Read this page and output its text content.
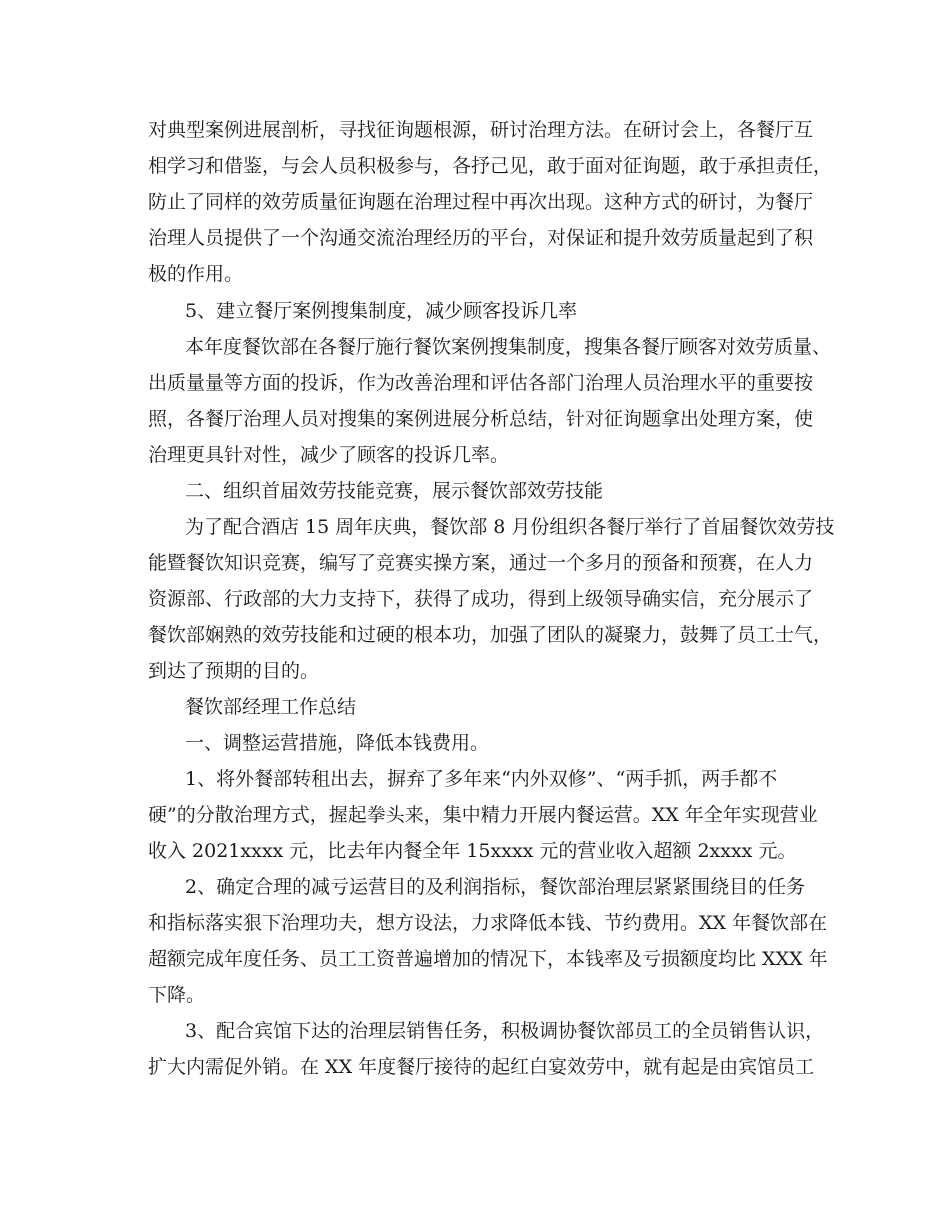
对典型案例进展剖析，寻找征询题根源，研讨治理方法。在研讨会上，各餐厅互

相学习和借鉴，与会人员积极参与，各抒己见，敢于面对征询题，敢于承担责任，

防止了同样的效劳质量征询题在治理过程中再次出现。这种方式的研讨，为餐厅

治理人员提供了一个沟通交流治理经历的平台，对保证和提升效劳质量起到了积

极的作用。

5、建立餐厅案例搜集制度，减少顾客投诉几率

本年度餐饮部在各餐厅施行餐饮案例搜集制度，搜集各餐厅顾客对效劳质量、

出质量量等方面的投诉，作为改善治理和评估各部门治理人员治理水平的重要按

照，各餐厅治理人员对搜集的案例进展分析总结，针对征询题拿出处理方案，使

治理更具针对性，减少了顾客的投诉几率。

二、组织首届效劳技能竞赛，展示餐饮部效劳技能

为了配合酒店 15 周年庆典，餐饮部 8 月份组织各餐厅举行了首届餐饮效劳技

能暨餐饮知识竞赛，编写了竞赛实操方案，通过一个多月的预备和预赛，在人力

资源部、行政部的大力支持下，获得了成功，得到上级领导确实信，充分展示了

餐饮部娴熟的效劳技能和过硬的根本功，加强了团队的凝聚力，鼓舞了员工士气，

到达了预期的目的。

餐饮部经理工作总结

一、调整运营措施，降低本钱费用。

1、将外餐部转租出去，摒弃了多年来“内外双修”、“两手抓，两手都不

硬”的分散治理方式，握起拳头来，集中精力开展内餐运营。XX 年全年实现营业

收入 2021xxxx 元，比去年内餐全年 15xxxx 元的营业收入超额 2xxxx 元。

2、确定合理的减亏运营目的及利润指标，餐饮部治理层紧紧围绕目的任务

和指标落实狠下治理功夫，想方设法，力求降低本钱、节约费用。XX 年餐饮部在

超额完成年度任务、员工工资普遍增加的情况下，本钱率及亏损额度均比 XXX 年

下降。

3、配合宾馆下达的治理层销售任务，积极调协餐饮部员工的全员销售认识，

扩大内需促外销。在 XX 年度餐厅接待的起红白宴效劳中，就有起是由宾馆员工
